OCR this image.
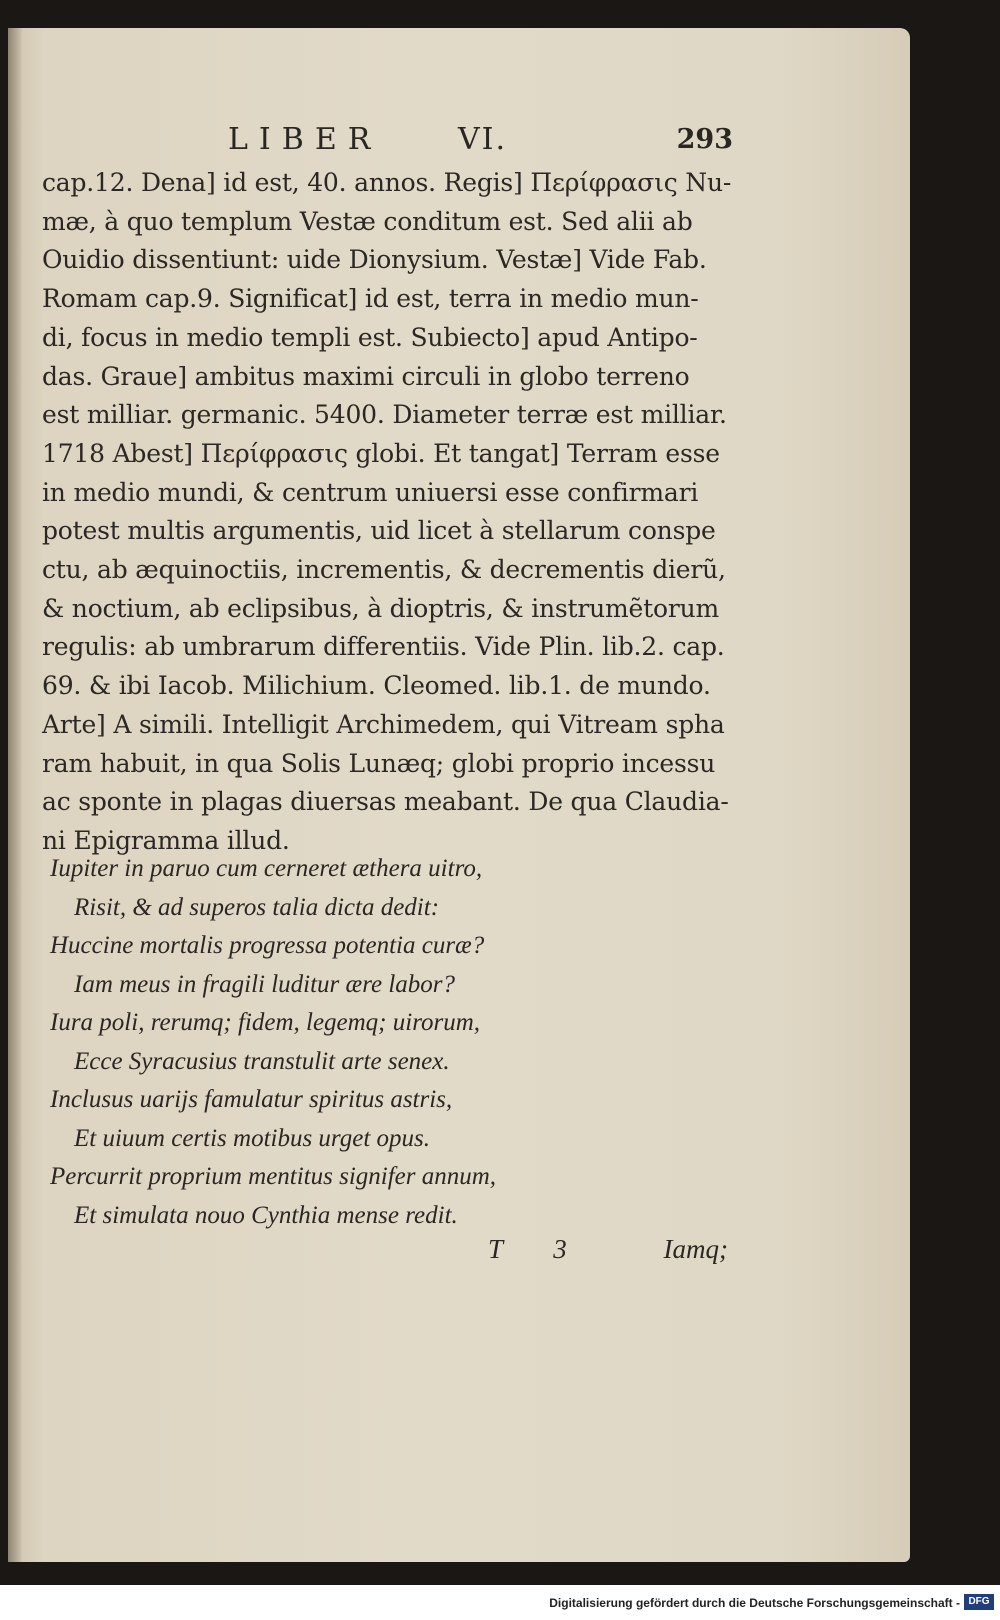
LIBER	VI.	293
cap.12. Dena] id est, 40. annos. Regis] Περίφρασις Nu-
mæ, à quo templum Vestæ conditum est. Sed alii ab
Ouidio dissentiunt: uide Dionysium. Vestæ] Vide Fab.
Romam cap.9. Significat] id est, terra in medio mun-
di, focus in medio templi est. Subiecto] apud Antipo-
das. Graue] ambitus maximi circuli in globo terreno
est milliar. germanic. 5400. Diameter terræ est milliar.
1718 Abest] Περίφρασις globi. Et tangat] Terram esse
in medio mundi, & centrum uniuersi esse confirmari
potest multis argumentis, uid licet à stellarum conspe
ctu, ab æquinoctiis, incrementis, & decrementis dierũ,
& noctium, ab eclipsibus, à dioptris, & instrumẽtorum
regulis: ab umbrarum differentiis. Vide Plin. lib.2. cap.
69. & ibi Iacob. Milichium. Cleomed. lib.1. de mundo.
Arte] A simili. Intelligit Archimedem, qui Vitream spha
ram habuit, in qua Solis Lunæq; globi proprio incessu
ac sponte in plagas diuersas meabant. De qua Claudia-
ni Epigramma illud.
Iupiter in paruo cum cerneret æthera uitro,
Risit, & ad superos talia dicta dedit:
Huccine mortalis progressa potentia curæ?
Iam meus in fragili luditur ære labor?
Iura poli, rerumq; fidem, legemq; uirorum,
Ecce Syracusius transtulit arte senex.
Inclusus uarijs famulatur spiritus astris,
Et uiuum certis motibus urget opus.
Percurrit proprium mentitus signifer annum,
Et simulata nouo Cynthia mense redit.
T 3	Iamq;
Digitalisierung gefördert durch die Deutsche Forschungsgemeinschaft - DFG
